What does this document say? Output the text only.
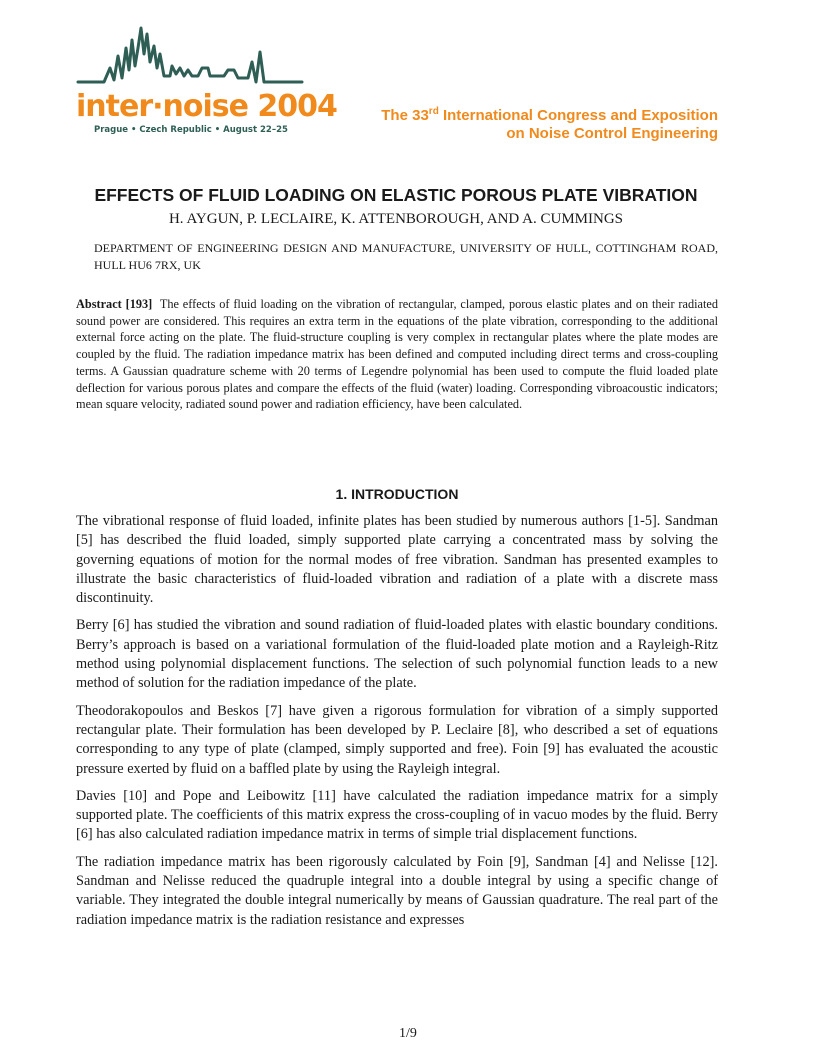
inter·noise 2004
Prague • Czech Republic • August 22–25
The 33rd International Congress and Exposition
on Noise Control Engineering
EFFECTS OF FLUID LOADING ON ELASTIC POROUS PLATE VIBRATION
H. AYGUN, P. LECLAIRE, K. ATTENBOROUGH, AND A. CUMMINGS
DEPARTMENT OF ENGINEERING DESIGN AND MANUFACTURE, UNIVERSITY OF HULL, COTTINGHAM ROAD, HULL HU6 7RX, UK

Abstract [193] The effects of fluid loading on the vibration of rectangular, clamped, porous elastic plates and on their radiated sound power are considered. This requires an extra term in the equations of the plate vibration, corresponding to the additional external force acting on the plate. The fluid-structure coupling is very complex in rectangular plates where the plate modes are coupled by the fluid. The radiation impedance matrix has been defined and computed including direct terms and cross-coupling terms. A Gaussian quadrature scheme with 20 terms of Legendre polynomial has been used to compute the fluid loaded plate deflection for various porous plates and compare the effects of the fluid (water) loading. Corresponding vibroacoustic indicators; mean square velocity, radiated sound power and radiation efficiency, have been calculated.

1. INTRODUCTION

The vibrational response of fluid loaded, infinite plates has been studied by numerous authors [1-5]. Sandman [5] has described the fluid loaded, simply supported plate carrying a concentrated mass by solving the governing equations of motion for the normal modes of free vibration. Sandman has presented examples to illustrate the basic characteristics of fluid-loaded vibration and radiation of a plate with a discrete mass discontinuity.

Berry [6] has studied the vibration and sound radiation of fluid-loaded plates with elastic boundary conditions. Berry’s approach is based on a variational formulation of the fluid-loaded plate motion and a Rayleigh-Ritz method using polynomial displacement functions. The selection of such polynomial function leads to a new method of solution for the radiation impedance of the plate.

Theodorakopoulos and Beskos [7] have given a rigorous formulation for vibration of a simply supported rectangular plate. Their formulation has been developed by P. Leclaire [8], who described a set of equations corresponding to any type of plate (clamped, simply supported and free). Foin [9] has evaluated the acoustic pressure exerted by fluid on a baffled plate by using the Rayleigh integral.

Davies [10] and Pope and Leibowitz [11] have calculated the radiation impedance matrix for a simply supported plate. The coefficients of this matrix express the cross-coupling of in vacuo modes by the fluid. Berry [6] has also calculated radiation impedance matrix in terms of simple trial displacement functions.

The radiation impedance matrix has been rigorously calculated by Foin [9], Sandman [4] and Nelisse [12]. Sandman and Nelisse reduced the quadruple integral into a double integral by using a specific change of variable. They integrated the double integral numerically by means of Gaussian quadrature. The real part of the radiation impedance matrix is the radiation resistance and expresses

1/9
